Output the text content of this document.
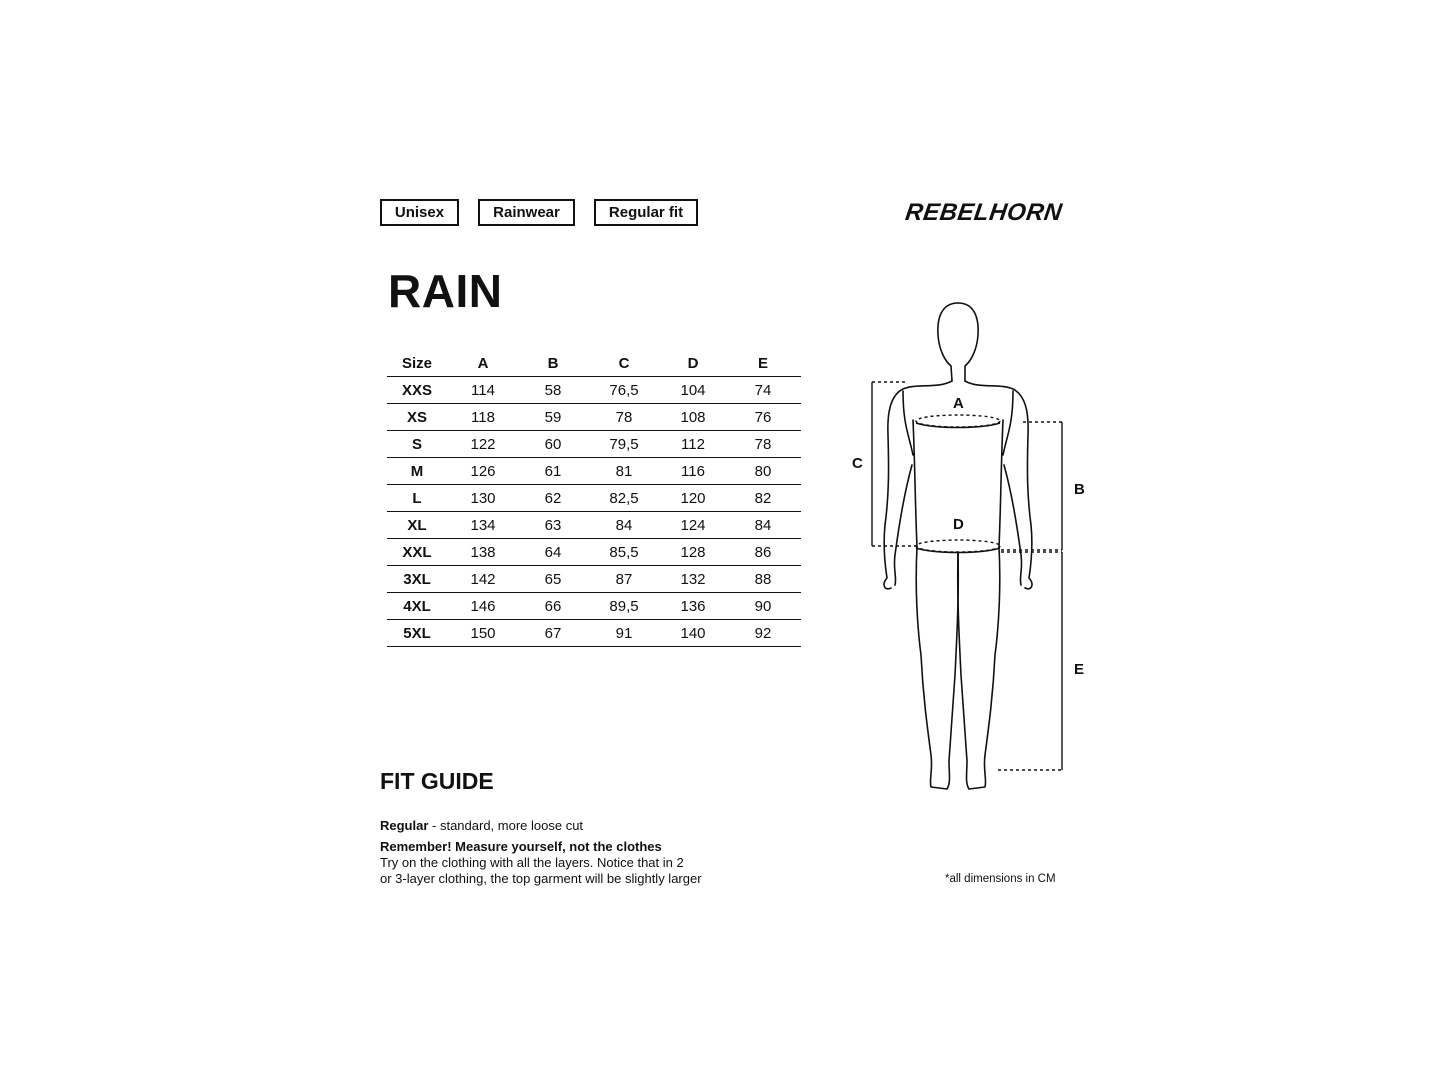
Unisex	Rainwear	Regular fit	REBELHORN
RAIN
Size	A	B	C	D	E
XXS	114	58	76,5	104	74
XS	118	59	78	108	76
S	122	60	79,5	112	78
M	126	61	81	116	80
L	130	62	82,5	120	82
XL	134	63	84	124	84
XXL	138	64	85,5	128	86
3XL	142	65	87	132	88
4XL	146	66	89,5	136	90
5XL	150	67	91	140	92
A
C
B
D
E
FIT GUIDE
Regular - standard, more loose cut
Remember! Measure yourself, not the clothes
Try on the clothing with all the layers. Notice that in 2
or 3-layer clothing, the top garment will be slightly larger	*all dimensions in CM
